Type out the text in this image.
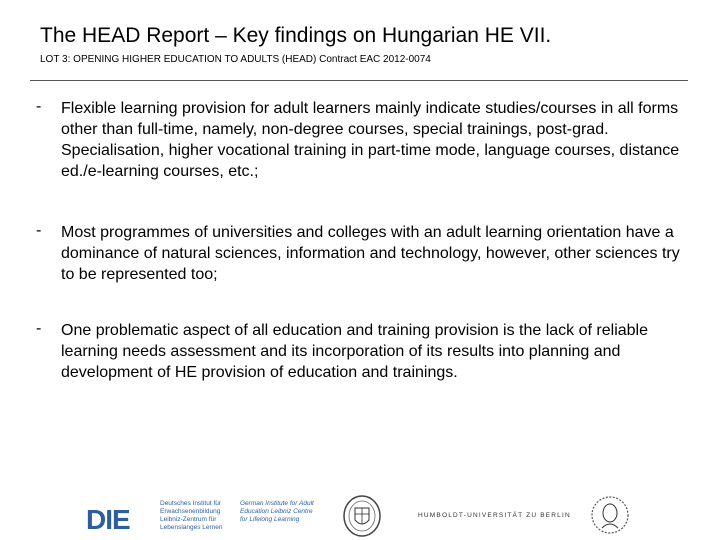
The HEAD Report – Key findings on Hungarian HE VII.
LOT 3: OPENING HIGHER EDUCATION TO ADULTS (HEAD) Contract EAC 2012-0074
- Flexible learning provision for adult learners mainly indicate studies/courses in all forms other than full-time, namely, non-degree courses, special trainings, post-grad. Specialisation, higher vocational training in part-time mode, language courses, distance ed./e-learning courses, etc.;
- Most programmes of universities and colleges with an adult learning orientation have a dominance of natural sciences, information and technology, however, other sciences try to be represented too;
- One problematic aspect of all education and training provision is the lack of reliable learning needs assessment and its incorporation of its results into planning and development of HE provision of education and trainings.
DIE
Deutsches Institut für Erwachsenenbildung Leibniz-Zentrum für Lebenslanges Lernen
German Institute for Adult Education Leibniz Centre for Lifelong Learning
HUMBOLDT-UNIVERSITÄT ZU BERLIN
